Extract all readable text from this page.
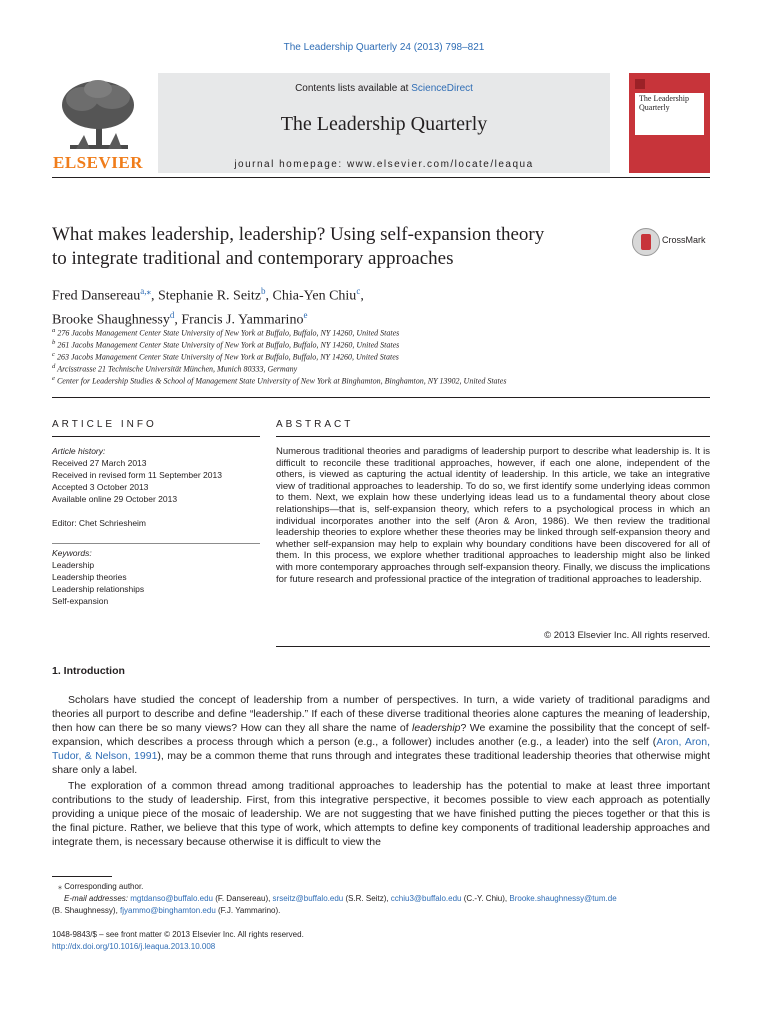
The Leadership Quarterly 24 (2013) 798–821
ELSEVIER
Contents lists available at ScienceDirect
The Leadership Quarterly
journal homepage: www.elsevier.com/locate/leaqua
The Leadership Quarterly
What makes leadership, leadership? Using self-expansion theory
to integrate traditional and contemporary approaches
CrossMark
Fred Dansereau$^{a,⁎}$, Stephanie R. Seitz$^b$, Chia-Yen Chiu$^c$,
Brooke Shaughnessy$^d$, Francis J. Yammarino$^e$
$^a$ 276 Jacobs Management Center State University of New York at Buffalo, Buffalo, NY 14260, United States
$^b$ 261 Jacobs Management Center State University of New York at Buffalo, Buffalo, NY 14260, United States
$^c$ 263 Jacobs Management Center State University of New York at Buffalo, Buffalo, NY 14260, United States
$^d$ Arcisstrasse 21 Technische Universität München, Munich 80333, Germany
$^e$ Center for Leadership Studies & School of Management State University of New York at Binghamton, Binghamton, NY 13902, United States
ARTICLE INFO	ABSTRACT
Article history:
Received 27 March 2013
Received in revised form 11 September 2013
Accepted 3 October 2013
Available online 29 October 2013
Editor: Chet Schriesheim
Keywords:
Leadership
Leadership theories
Leadership relationships
Self-expansion
Numerous traditional theories and paradigms of leadership purport to describe what leadership is. It is difficult to reconcile these traditional approaches, however, if each one alone, independent of the others, is viewed as capturing the actual identity of leadership. In this article, we take an integrative view of traditional approaches to leadership. To do so, we first identify some underlying ideas common to them. Next, we explain how these underlying ideas lead us to a fundamental theory about close relationships—that is, self-expansion theory, which refers to a psychological process in which an individual incorporates another into the self (Aron & Aron, 1986). We then review the traditional leadership theories to explore whether these theories may be linked through self-expansion theory and whether self-expansion may help to explain why boundary conditions have been discovered for all of them. In this process, we explore whether traditional approaches to leadership might also be linked with more contemporary approaches through self-expansion theory. Finally, we discuss the implications for future research and professional practice of the integration of traditional approaches to leadership.
© 2013 Elsevier Inc. All rights reserved.
1. Introduction
Scholars have studied the concept of leadership from a number of perspectives. In turn, a wide variety of traditional paradigms and theories all purport to describe and define “leadership.” If each of these diverse traditional theories alone captures the meaning of leadership, then how can there be so many views? How can they all share the name of leadership? We examine the possibility that the concept of self-expansion, which describes a process through which a person (e.g., a follower) includes another (e.g., a leader) into the self (Aron, Aron, Tudor, & Nelson, 1991), may be a common theme that runs through and integrates these traditional leadership theories that otherwise might share only a label.
The exploration of a common thread among traditional approaches to leadership has the potential to make at least three important contributions to the study of leadership. First, from this integrative perspective, it becomes possible to view each approach as potentially providing a unique piece of the mosaic of leadership. We are not suggesting that we have finished putting the pieces together or that this is the final picture. Rather, we believe that this type of work, which attempts to define key components of traditional leadership approaches and integrate them, is necessary because otherwise it is difficult to view the
⁎ Corresponding author.
E-mail addresses: mgtdanso@buffalo.edu (F. Dansereau), srseitz@buffalo.edu (S.R. Seitz), cchiu3@buffalo.edu (C.-Y. Chiu), Brooke.shaughnessy@tum.de
(B. Shaughnessy), fjyammo@binghamton.edu (F.J. Yammarino).
1048-9843/$ – see front matter © 2013 Elsevier Inc. All rights reserved.
http://dx.doi.org/10.1016/j.leaqua.2013.10.008
